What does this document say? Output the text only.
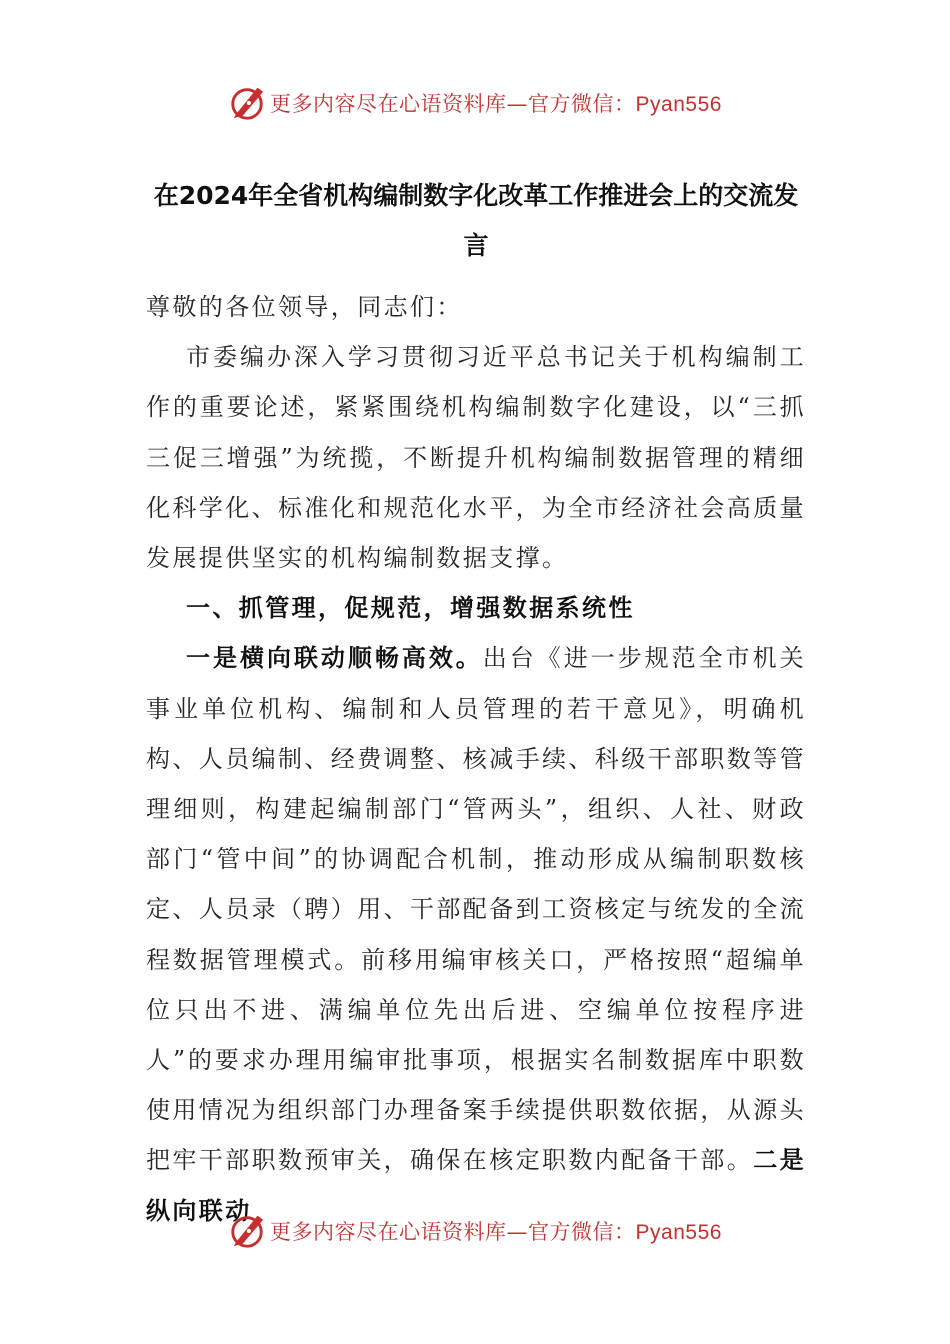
更多内容尽在心语资料库—官方微信：Pyan556
在2024年全省机构编制数字化改革工作推进会上的交流发言

尊敬的各位领导，同志们：

市委编办深入学习贯彻习近平总书记关于机构编制工作的重要论述，紧紧围绕机构编制数字化建设，以“三抓三促三增强”为统揽，不断提升机构编制数据管理的精细化科学化、标准化和规范化水平，为全市经济社会高质量发展提供坚实的机构编制数据支撑。

一、抓管理，促规范，增强数据系统性

一是横向联动顺畅高效。出台《进一步规范全市机关事业单位机构、编制和人员管理的若干意见》，明确机构、人员编制、经费调整、核减手续、科级干部职数等管理细则，构建起编制部门“管两头”，组织、人社、财政部门“管中间”的协调配合机制，推动形成从编制职数核定、人员录（聘）用、干部配备到工资核定与统发的全流程数据管理模式。前移用编审核关口，严格按照“超编单位只出不进、满编单位先出后进、空编单位按程序进人”的要求办理用编审批事项，根据实名制数据库中职数使用情况为组织部门办理备案手续提供职数依据，从源头把牢干部职数预审关，确保在核定职数内配备干部。二是纵向联动

更多内容尽在心语资料库—官方微信：Pyan556
